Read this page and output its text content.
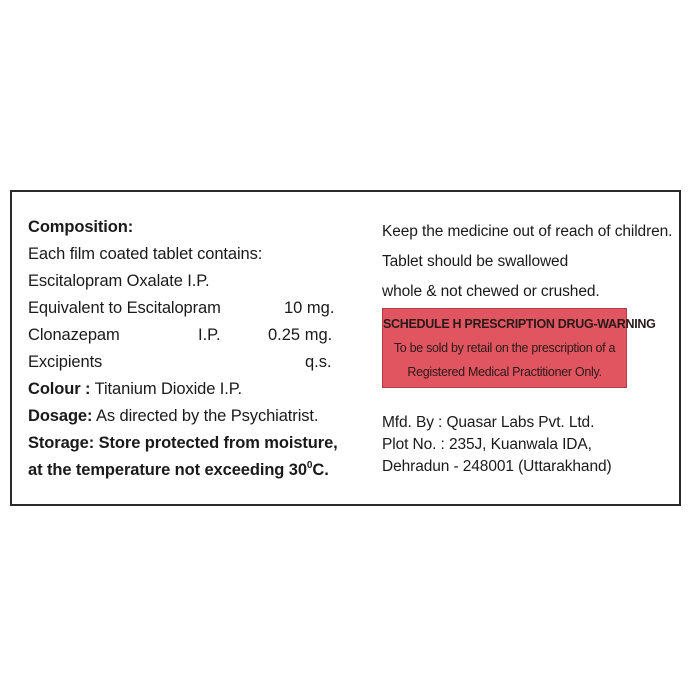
Composition:
Each film coated tablet contains:
Escitalopram Oxalate I.P.
Equivalent to Escitalopram	10 mg.
Clonazepam	I.P.	0.25 mg.
Excipients	q.s.
Colour : Titanium Dioxide I.P.
Dosage: As directed by the Psychiatrist.
Storage: Store protected from moisture,
at the temperature not exceeding $30^0C$.
Keep the medicine out of reach of children.
Tablet should be swallowed
whole & not chewed or crushed.
SCHEDULE H PRESCRIPTION DRUG-WARNING
To be sold by retail on the prescription of a
Registered Medical Practitioner Only.
Mfd. By : Quasar Labs Pvt. Ltd.
Plot No. : 235J, Kuanwala IDA,
Dehradun - 248001 (Uttarakhand)
